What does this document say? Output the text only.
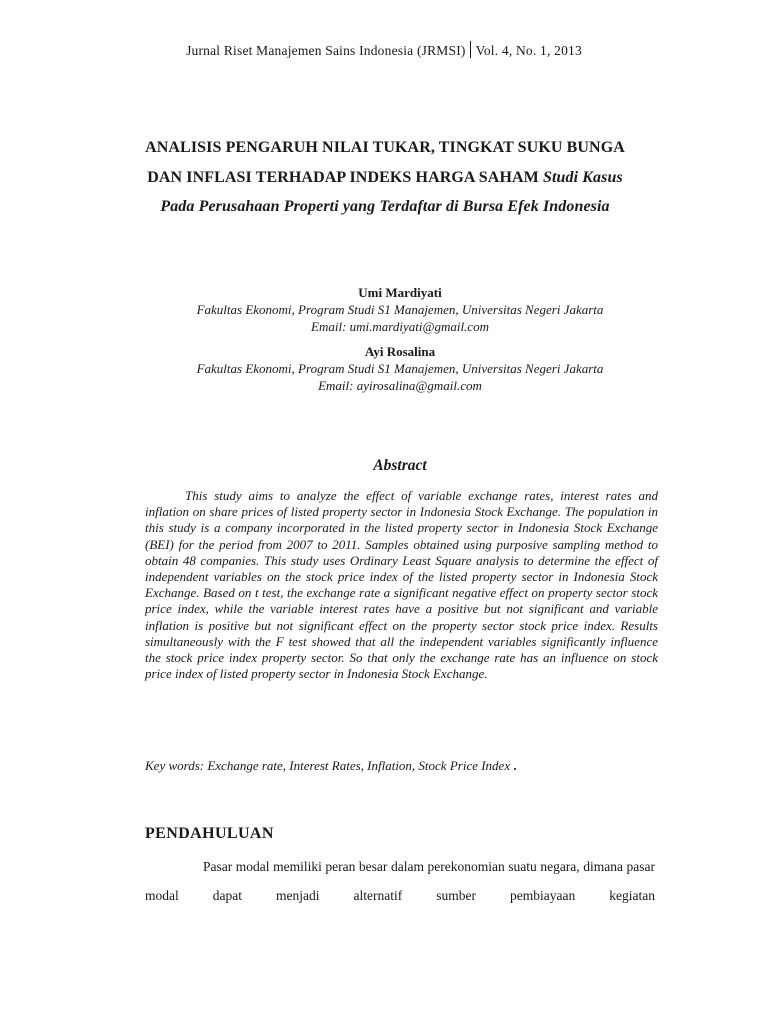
Jurnal Riset Manajemen Sains Indonesia (JRMSI) Vol. 4, No. 1, 2013
ANALISIS PENGARUH NILAI TUKAR, TINGKAT SUKU BUNGA DAN INFLASI TERHADAP INDEKS HARGA SAHAM Studi Kasus Pada Perusahaan Properti yang Terdaftar di Bursa Efek Indonesia
Umi Mardiyati
Fakultas Ekonomi, Program Studi S1 Manajemen, Universitas Negeri Jakarta
Email: umi.mardiyati@gmail.com
Ayi Rosalina
Fakultas Ekonomi, Program Studi S1 Manajemen, Universitas Negeri Jakarta
Email: ayirosalina@gmail.com
Abstract

This study aims to analyze the effect of variable exchange rates, interest rates and inflation on share prices of listed property sector in Indonesia Stock Exchange. The population in this study is a company incorporated in the listed property sector in Indonesia Stock Exchange (BEI) for the period from 2007 to 2011. Samples obtained using purposive sampling method to obtain 48 companies. This study uses Ordinary Least Square analysis to determine the effect of independent variables on the stock price index of the listed property sector in Indonesia Stock Exchange. Based on t test, the exchange rate a significant negative effect on property sector stock price index, while the variable interest rates have a positive but not significant and variable inflation is positive but not significant effect on the property sector stock price index. Results simultaneously with the F test showed that all the independent variables significantly influence the stock price index property sector. So that only the exchange rate has an influence on stock price index of listed property sector in Indonesia Stock Exchange.

Key words: Exchange rate, Interest Rates, Inflation, Stock Price Index .
PENDAHULUAN

Pasar modal memiliki peran besar dalam perekonomian suatu negara, dimana pasar modal dapat menjadi alternatif sumber pembiayaan kegiatan
